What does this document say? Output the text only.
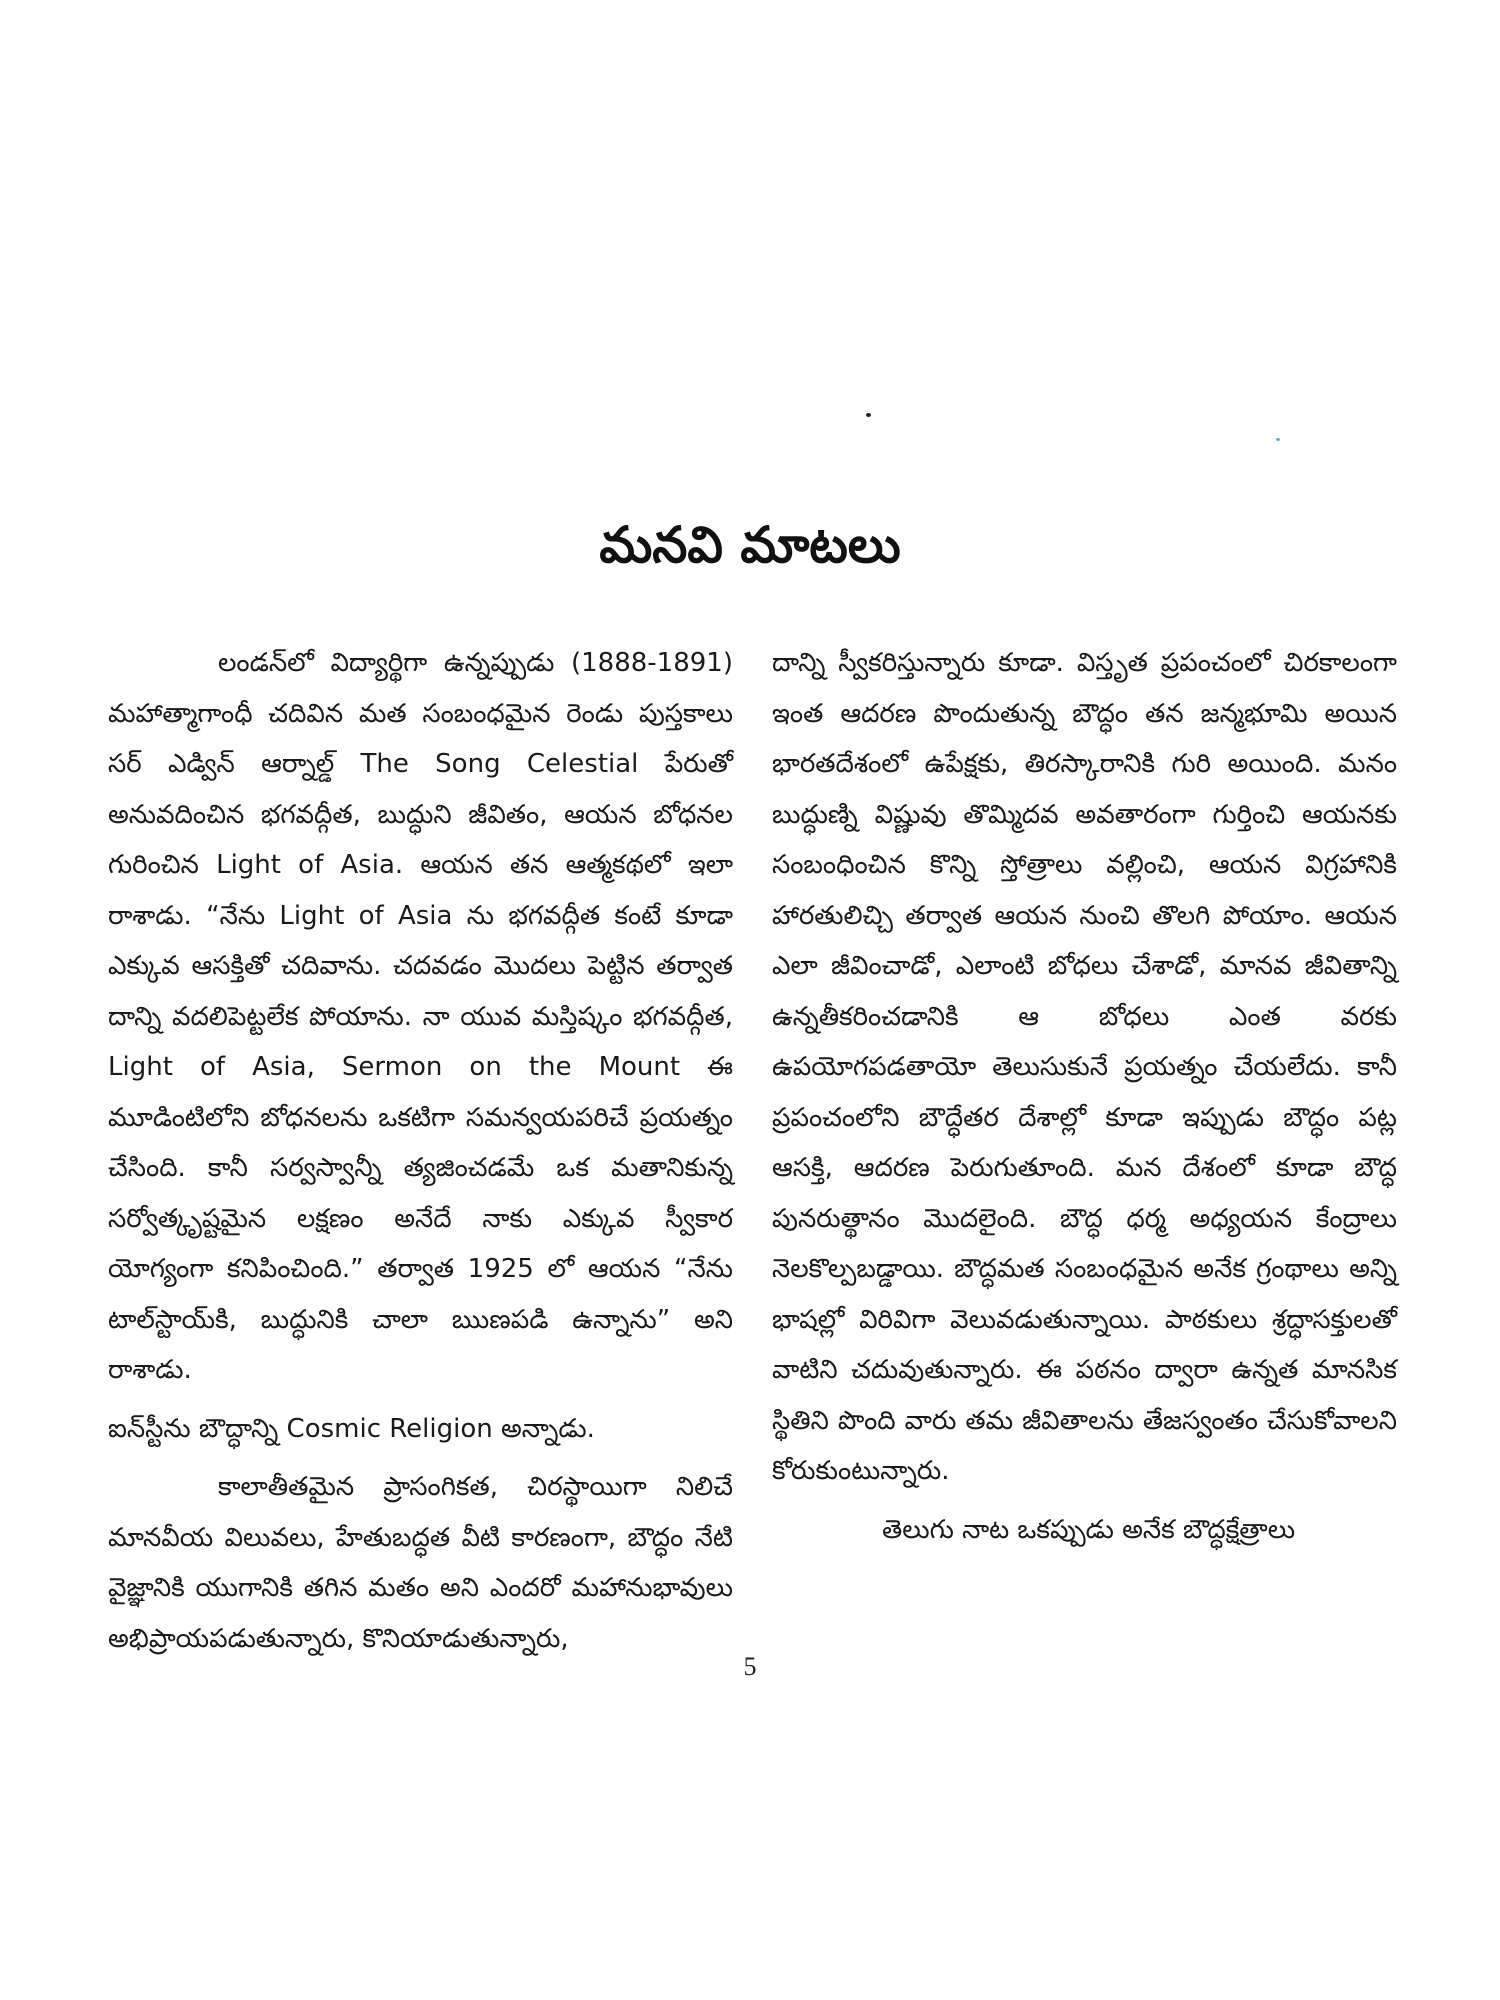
మనవి మాటలు

లండన్‌లో విద్యార్థిగా ఉన్నప్పుడు (1888-1891) మహాత్మాగాంధీ చదివిన మత సంబంధమైన రెండు పుస్తకాలు సర్ ఎడ్విన్ ఆర్నాల్డ్ The Song Celestial పేరుతో అనువదించిన భగవద్గీత, బుద్ధుని జీవితం, ఆయన బోధనల గురించిన Light of Asia. ఆయన తన ఆత్మకథలో ఇలా రాశాడు. “నేను Light of Asia ను భగవద్గీత కంటే కూడా ఎక్కువ ఆసక్తితో చదివాను. చదవడం మొదలు పెట్టిన తర్వాత దాన్ని వదలిపెట్టలేక పోయాను. నా యువ మస్తిష్కం భగవద్గీత, Light of Asia, Sermon on the Mount ఈ మూడింటిలోని బోధనలను ఒకటిగా సమన్వయపరిచే ప్రయత్నం చేసింది. కానీ సర్వస్వాన్నీ త్యజించడమే ఒక మతానికున్న సర్వోత్కృష్టమైన లక్షణం అనేదే నాకు ఎక్కువ స్వీకార యోగ్యంగా కనిపించింది.” తర్వాత 1925 లో ఆయన “నేను టాల్‌స్టాయ్‌కి, బుద్ధునికి చాలా ఋణపడి ఉన్నాను” అని రాశాడు.

ఐన్‌స్టీను బౌద్ధాన్ని Cosmic Religion అన్నాడు.

కాలాతీతమైన ప్రాసంగికత, చిరస్థాయిగా నిలిచే మానవీయ విలువలు, హేతుబద్ధత వీటి కారణంగా, బౌద్ధం నేటి వైజ్ఞానికి యుగానికి తగిన మతం అని ఎందరో మహానుభావులు అభిప్రాయపడుతున్నారు, కొనియాడుతున్నారు,

దాన్ని స్వీకరిస్తున్నారు కూడా. విస్తృత ప్రపంచంలో చిరకాలంగా ఇంత ఆదరణ పొందుతున్న బౌద్ధం తన జన్మభూమి అయిన భారతదేశంలో ఉపేక్షకు, తిరస్కారానికి గురి అయింది. మనం బుద్ధుణ్ని విష్ణువు తొమ్మిదవ అవతారంగా గుర్తించి ఆయనకు సంబంధించిన కొన్ని స్తోత్రాలు వల్లించి, ఆయన విగ్రహానికి హారతులిచ్చి తర్వాత ఆయన నుంచి తొలగి పోయాం. ఆయన ఎలా జీవించాడో, ఎలాంటి బోధలు చేశాడో, మానవ జీవితాన్ని ఉన్నతీకరించడానికి ఆ బోధలు ఎంత వరకు ఉపయోగపడతాయో తెలుసుకునే ప్రయత్నం చేయలేదు. కానీ ప్రపంచంలోని బౌద్ధేతర దేశాల్లో కూడా ఇప్పుడు బౌద్ధం పట్ల ఆసక్తి, ఆదరణ పెరుగుతూంది. మన దేశంలో కూడా బౌద్ధ పునరుత్థానం మొదలైంది. బౌద్ధ ధర్మ అధ్యయన కేంద్రాలు నెలకొల్పబడ్డాయి. బౌద్ధమత సంబంధమైన అనేక గ్రంథాలు అన్ని భాషల్లో విరివిగా వెలువడుతున్నాయి. పాఠకులు శ్రద్ధాసక్తులతో వాటిని చదువుతున్నారు. ఈ పఠనం ద్వారా ఉన్నత మానసిక స్థితిని పొంది వారు తమ జీవితాలను తేజస్వంతం చేసుకోవాలని కోరుకుంటున్నారు.

తెలుగు నాట ఒకప్పుడు అనేక బౌద్ధక్షేత్రాలు

5
